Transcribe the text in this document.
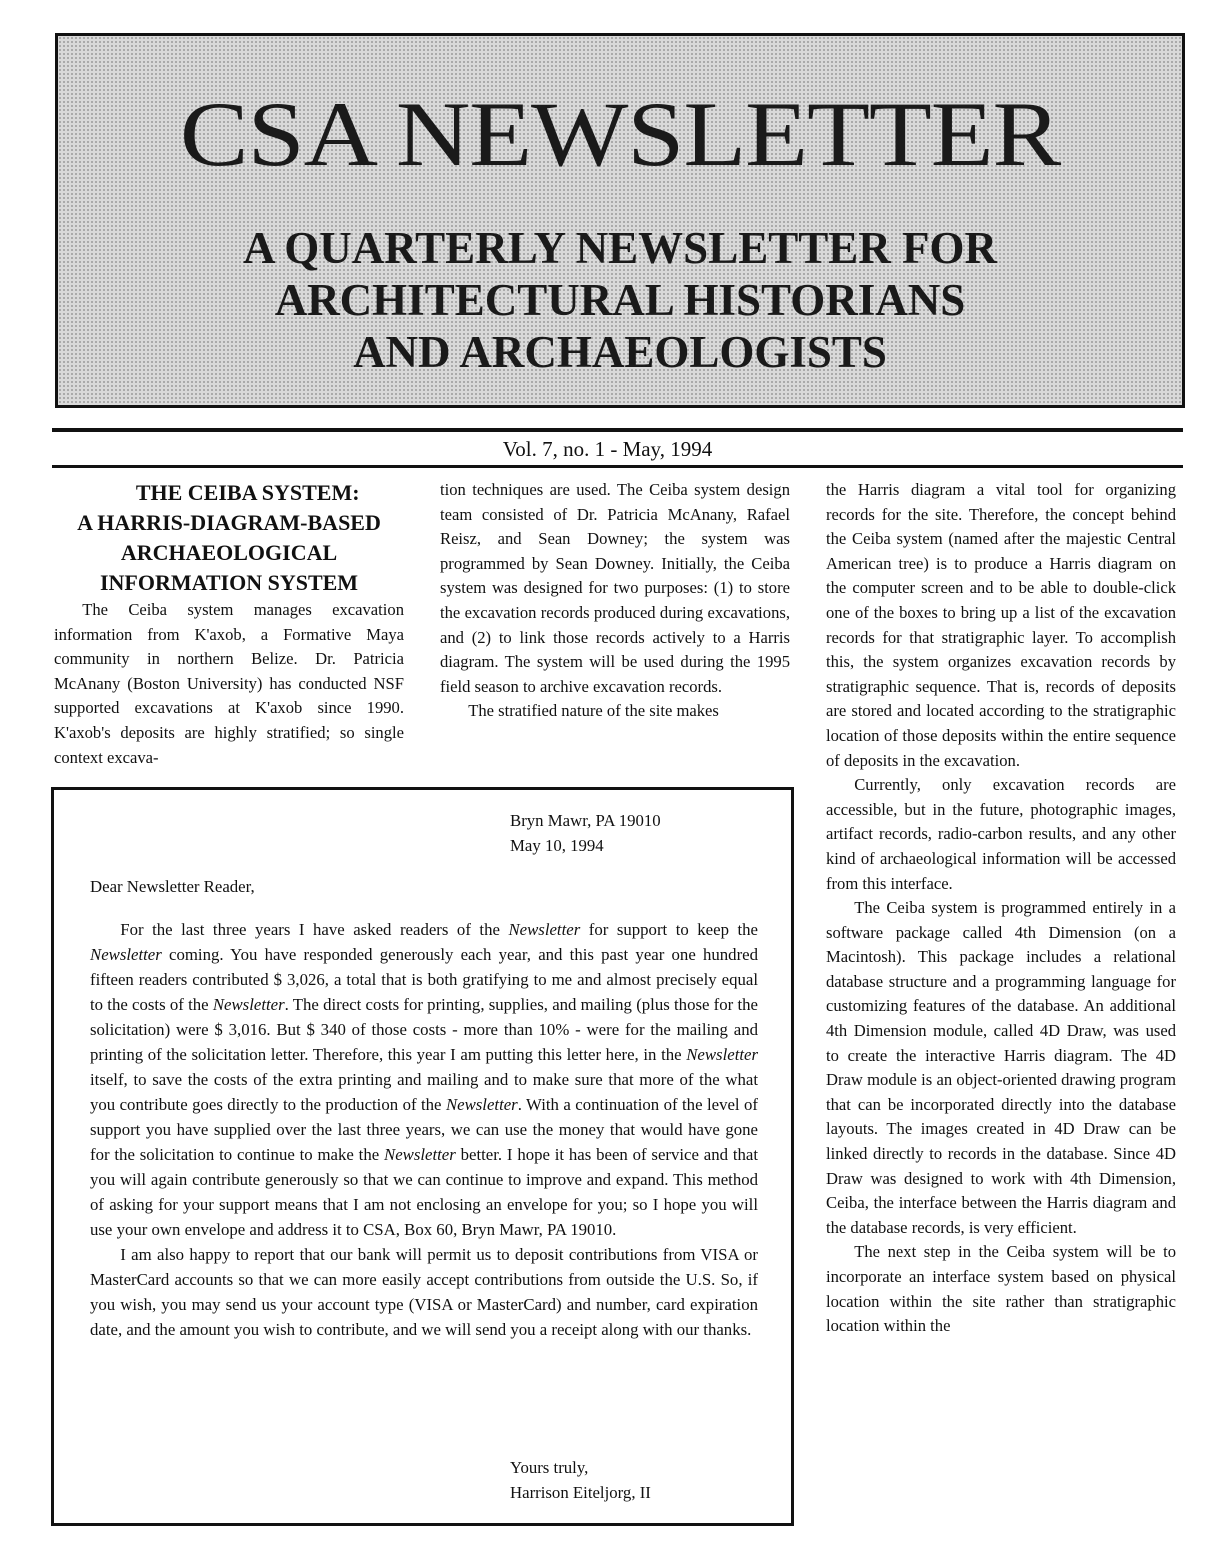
CSA NEWSLETTER
A QUARTERLY NEWSLETTER FOR
ARCHITECTURAL HISTORIANS
AND ARCHAEOLOGISTS
Vol. 7, no. 1 - May, 1994

THE CEIBA SYSTEM:
A HARRIS-DIAGRAM-BASED
ARCHAEOLOGICAL
INFORMATION SYSTEM

The Ceiba system manages excavation information from K'axob, a Formative Maya community in northern Belize. Dr. Patricia McAnany (Boston University) has conducted NSF supported excavations at K'axob since 1990. K'axob's deposits are highly stratified; so single context excava-

tion techniques are used. The Ceiba system design team consisted of Dr. Patricia McAnany, Rafael Reisz, and Sean Downey; the system was programmed by Sean Downey. Initially, the Ceiba system was designed for two purposes: (1) to store the excavation records produced during excavations, and (2) to link those records actively to a Harris diagram. The system will be used during the 1995 field season to archive excavation records.

The stratified nature of the site makes

the Harris diagram a vital tool for organizing records for the site. Therefore, the concept behind the Ceiba system (named after the majestic Central American tree) is to produce a Harris diagram on the computer screen and to be able to double-click one of the boxes to bring up a list of the excavation records for that stratigraphic layer. To accomplish this, the system organizes excavation records by stratigraphic sequence. That is, records of deposits are stored and located according to the stratigraphic location of those deposits within the entire sequence of deposits in the excavation.

Currently, only excavation records are accessible, but in the future, photographic images, artifact records, radio-carbon results, and any other kind of archaeological information will be accessed from this interface.

The Ceiba system is programmed entirely in a software package called 4th Dimension (on a Macintosh). This package includes a relational database structure and a programming language for customizing features of the database. An additional 4th Dimension module, called 4D Draw, was used to create the interactive Harris diagram. The 4D Draw module is an object-oriented drawing program that can be incorporated directly into the database layouts. The images created in 4D Draw can be linked directly to records in the database. Since 4D Draw was designed to work with 4th Dimension, Ceiba, the interface between the Harris diagram and the database records, is very efficient.

The next step in the Ceiba system will be to incorporate an interface system based on physical location within the site rather than stratigraphic location within the

Bryn Mawr, PA 19010
May 10, 1994
Dear Newsletter Reader,

For the last three years I have asked readers of the Newsletter for support to keep the Newsletter coming. You have responded generously each year, and this past year one hundred fifteen readers contributed $ 3,026, a total that is both gratifying to me and almost precisely equal to the costs of the Newsletter. The direct costs for printing, supplies, and mailing (plus those for the solicitation) were $ 3,016. But $ 340 of those costs - more than 10% - were for the mailing and printing of the solicitation letter. Therefore, this year I am putting this letter here, in the Newsletter itself, to save the costs of the extra printing and mailing and to make sure that more of the what you contribute goes directly to the production of the Newsletter. With a continuation of the level of support you have supplied over the last three years, we can use the money that would have gone for the solicitation to continue to make the Newsletter better. I hope it has been of service and that you will again contribute generously so that we can continue to improve and expand. This method of asking for your support means that I am not enclosing an envelope for you; so I hope you will use your own envelope and address it to CSA, Box 60, Bryn Mawr, PA 19010.

I am also happy to report that our bank will permit us to deposit contributions from VISA or MasterCard accounts so that we can more easily accept contributions from outside the U.S. So, if you wish, you may send us your account type (VISA or MasterCard) and number, card expiration date, and the amount you wish to contribute, and we will send you a receipt along with our thanks.

Yours truly,
Harrison Eiteljorg, II
